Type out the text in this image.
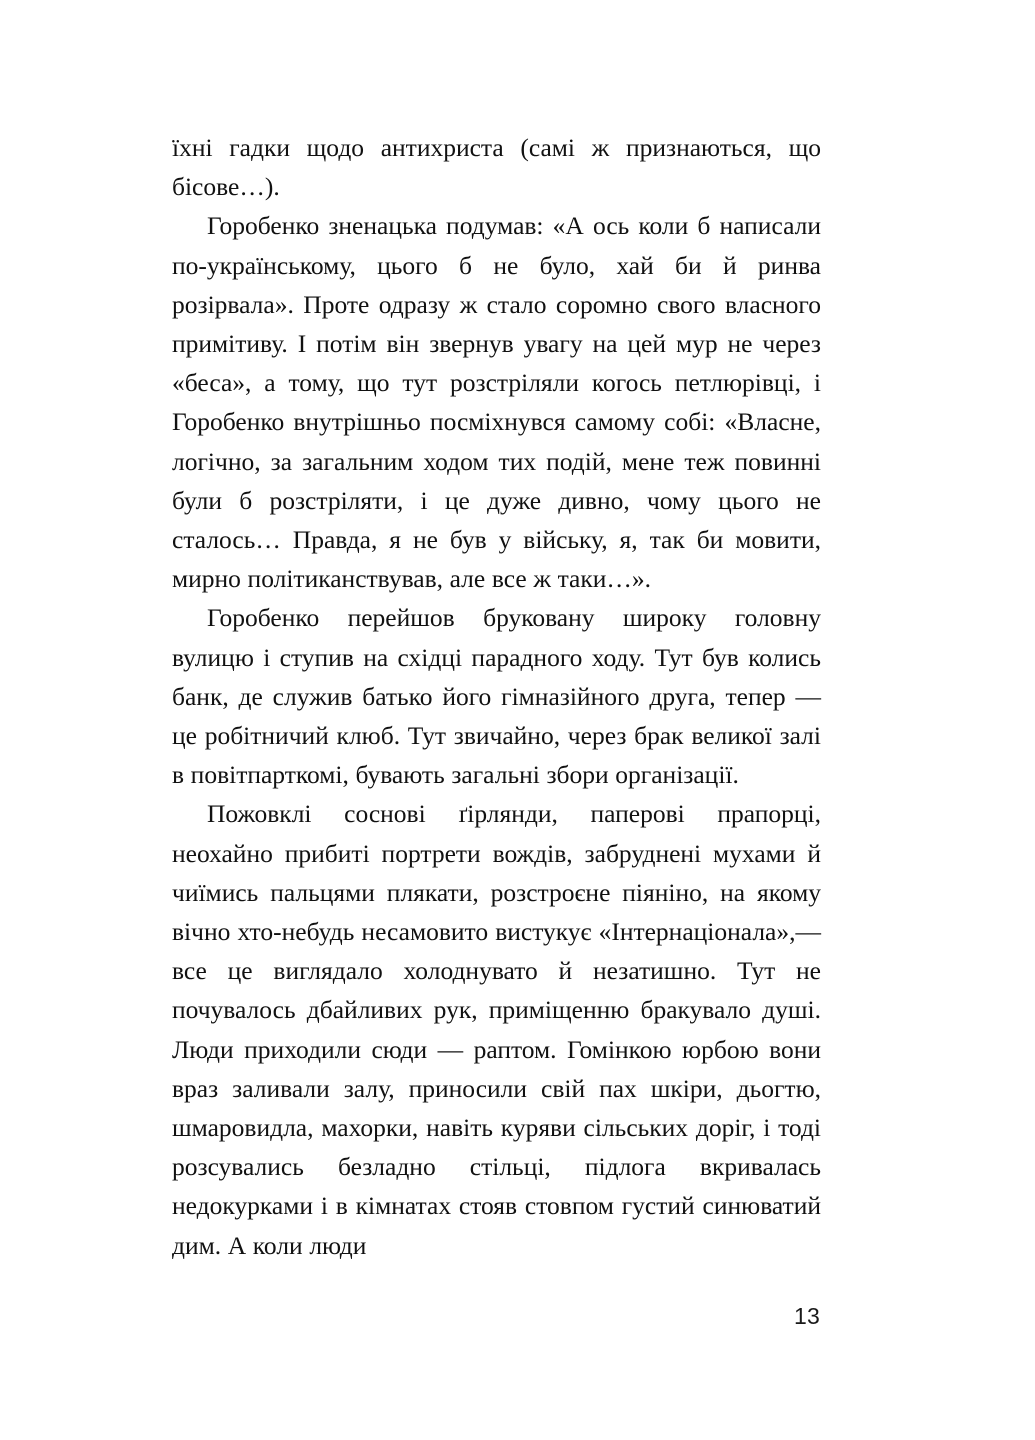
їхні гадки щодо антихриста (самі ж признаються, що бісове…).

Горобенко зненацька подумав: «А ось коли б написали по-українському, цього б не було, хай би й ринва розірвала». Проте одразу ж стало соромно свого власного примітиву. І потім він звернув увагу на цей мур не через «беса», а тому, що тут розстріляли когось петлюрівці, і Горобенко внутрішньо посміхнувся самому собі: «Власне, логічно, за загальним ходом тих подій, мене теж повинні були б розстріляти, і це дуже дивно, чому цього не сталось… Правда, я не був у війську, я, так би мовити, мирно політиканствував, але все ж таки…».

Горобенко перейшов бруковану широку головну вулицю і ступив на східці парадного ходу. Тут був колись банк, де служив батько його гімназійного друга, тепер — це робітничий клюб. Тут звичайно, через брак великої залі в повітпарткомі, бувають загальні збори організації.

Пожовклі соснові ґірлянди, паперові прапорці, неохайно прибиті портрети вождів, забруднені мухами й чиїмись пальцями плякати, розстроєне піяніно, на якому вічно хто-небудь несамовито вистукує «Інтернаціонала»,— все це виглядало холоднувато й незатишно. Тут не почувалось дбайливих рук, приміщенню бракувало душі. Люди приходили сюди — раптом. Гомінкою юрбою вони враз заливали залу, приносили свій пах шкіри, дьогтю, шмаровидла, махорки, навіть куряви сільських доріг, і тоді розсувались безладно стільці, підлога вкривалась недокурками і в кімнатах стояв стовпом густий синюватий дим. А коли люди

13
